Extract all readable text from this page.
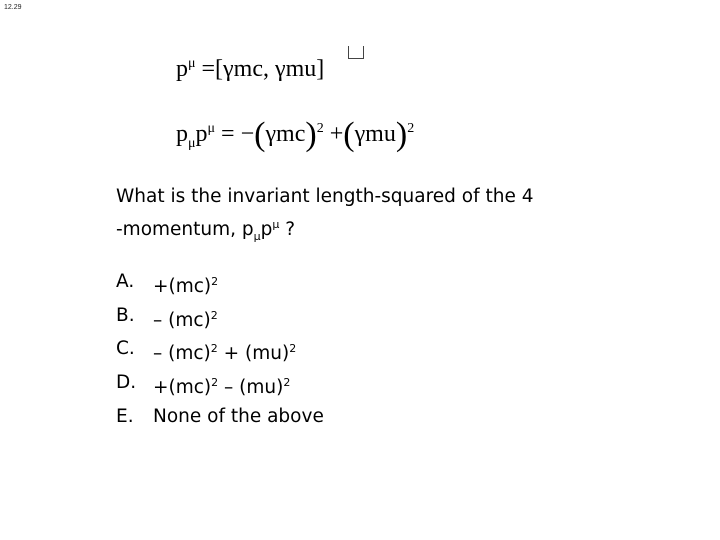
12.29
$p^\mu =[\gamma mc$, γmu]
$p_\mu p^\mu = -(\gamma mc)^2 +(\gamma mu)^2$
What is the invariant length-squared of the 4
-momentum, $p_\mu p^\mu$ ?
A.	+(mc)$^2$
B. – (mc)$^2$
C. – (mc)$^2$ + (mu)$^2$
D. +(mc)$^2$ – (mu)$^2$
E.	None of the above
